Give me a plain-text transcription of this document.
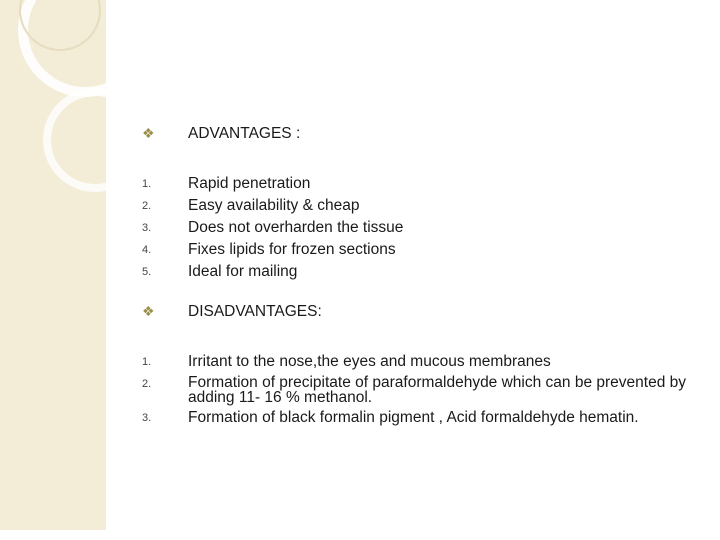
❖	ADVANTAGES :
1.	Rapid penetration
2.	Easy availability & cheap
3.	Does not overharden the tissue
4.	Fixes lipids for frozen sections
5.	Ideal for mailing
❖	DISADVANTAGES:
1.	Irritant to the nose,the eyes and mucous membranes
2.	Formation of precipitate of paraformaldehyde which can be prevented by adding 11- 16 % methanol.
3.	Formation of black formalin pigment , Acid formaldehyde hematin.
